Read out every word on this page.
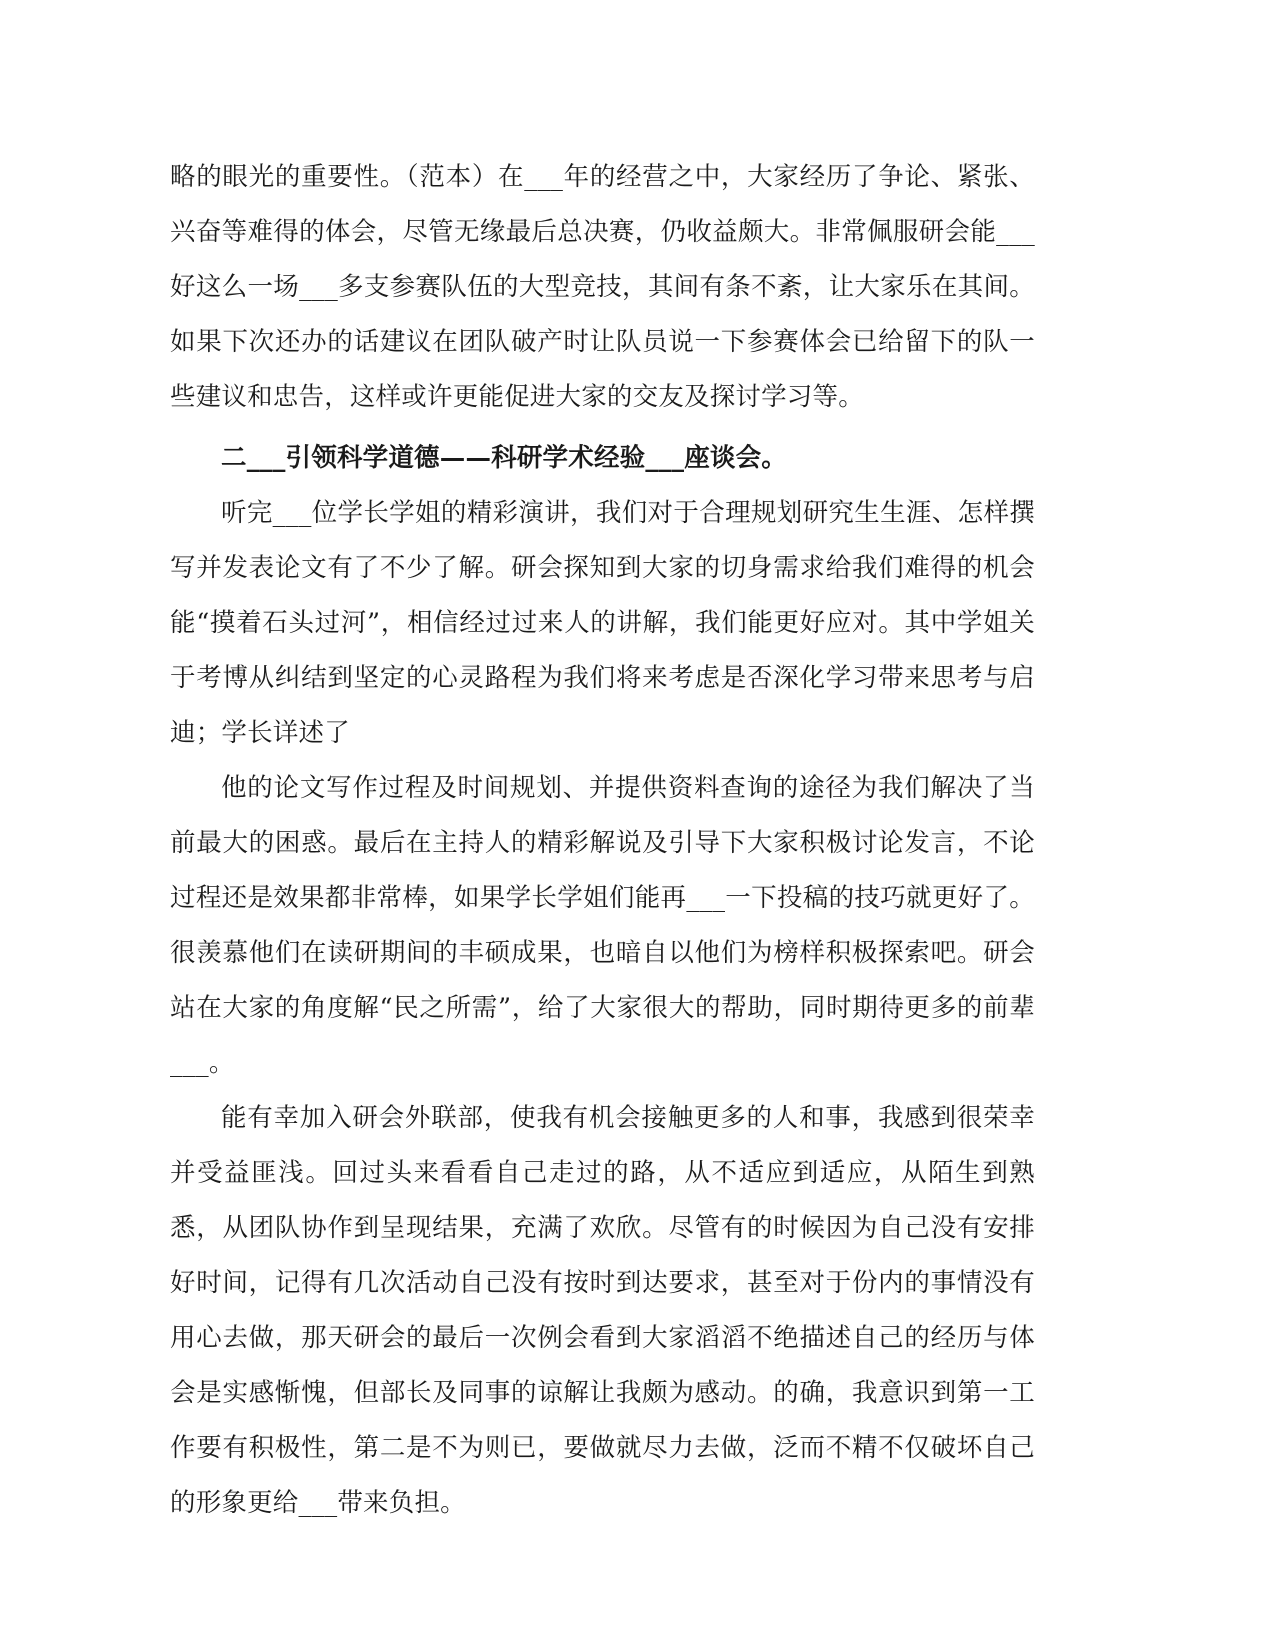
略的眼光的重要性。（范本）在___年的经营之中，大家经历了争论、紧张、兴奋等难得的体会，尽管无缘最后总决赛，仍收益颇大。非常佩服研会能___好这么一场___多支参赛队伍的大型竞技，其间有条不紊，让大家乐在其间。如果下次还办的话建议在团队破产时让队员说一下参赛体会已给留下的队一些建议和忠告，这样或许更能促进大家的交友及探讨学习等。

二___引领科学道德——科研学术经验___座谈会。

听完___位学长学姐的精彩演讲，我们对于合理规划研究生生涯、怎样撰写并发表论文有了不少了解。研会探知到大家的切身需求给我们难得的机会能“摸着石头过河”，相信经过过来人的讲解，我们能更好应对。其中学姐关于考博从纠结到坚定的心灵路程为我们将来考虑是否深化学习带来思考与启迪；学长详述了

他的论文写作过程及时间规划、并提供资料查询的途径为我们解决了当前最大的困惑。最后在主持人的精彩解说及引导下大家积极讨论发言，不论过程还是效果都非常棒，如果学长学姐们能再___一下投稿的技巧就更好了。很羡慕他们在读研期间的丰硕成果，也暗自以他们为榜样积极探索吧。研会站在大家的角度解“民之所需”，给了大家很大的帮助，同时期待更多的前辈___。

能有幸加入研会外联部，使我有机会接触更多的人和事，我感到很荣幸并受益匪浅。回过头来看看自己走过的路，从不适应到适应，从陌生到熟悉，从团队协作到呈现结果，充满了欢欣。尽管有的时候因为自己没有安排好时间，记得有几次活动自己没有按时到达要求，甚至对于份内的事情没有用心去做，那天研会的最后一次例会看到大家滔滔不绝描述自己的经历与体会是实感惭愧，但部长及同事的谅解让我颇为感动。的确，我意识到第一工作要有积极性，第二是不为则已，要做就尽力去做，泛而不精不仅破坏自己的形象更给___带来负担。
